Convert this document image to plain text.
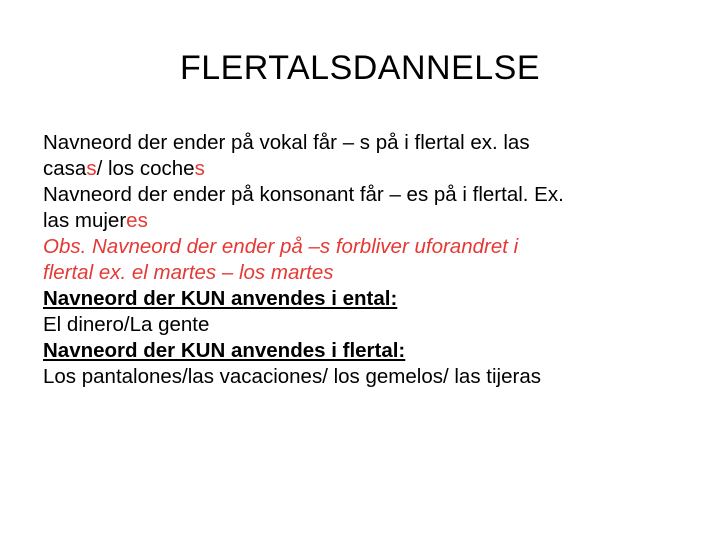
FLERTALSDANNELSE
Navneord der ender på vokal får – s på i flertal ex. las
casas/ los coches
Navneord der ender på konsonant får – es på i flertal. Ex.
las mujeres
Obs. Navneord der ender på –s forbliver uforandret i
flertal ex. el martes – los martes
Navneord der KUN anvendes i ental:
El dinero/La gente
Navneord der KUN anvendes i flertal:
Los pantalones/las vacaciones/ los gemelos/ las tijeras
